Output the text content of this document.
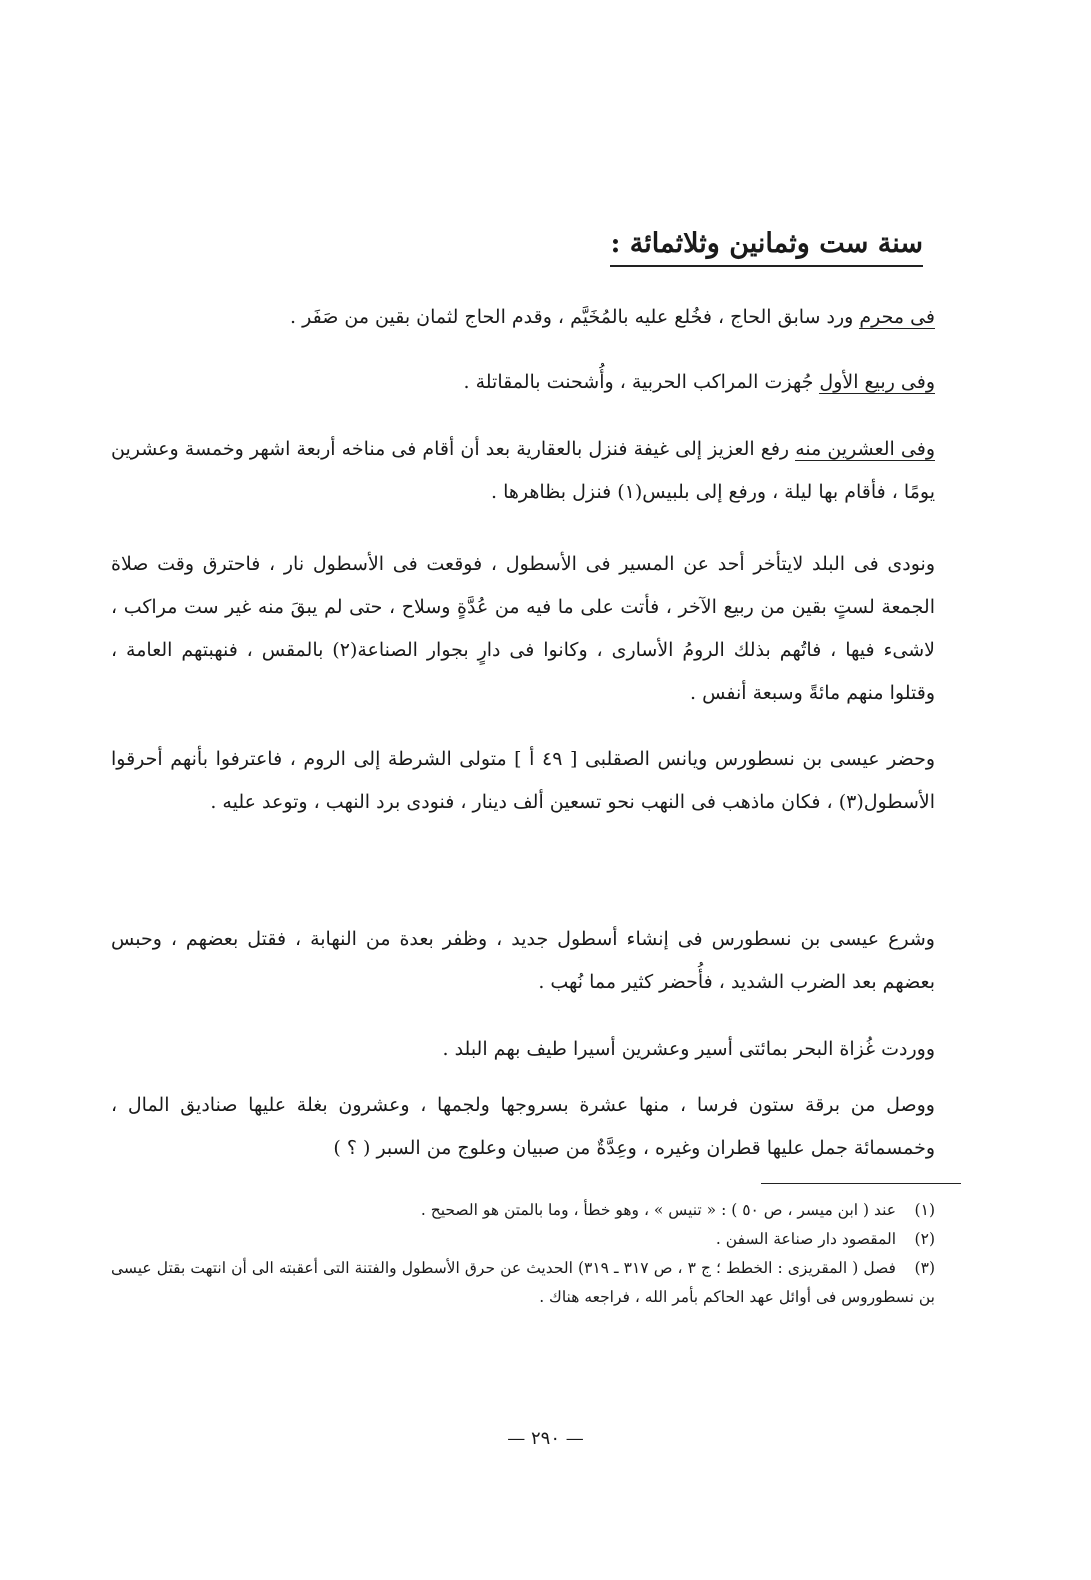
سنة ست وثمانين وثلاثمائة :

فى محرم ورد سابق الحاج ، فخُلع عليه بالمُخَيَّم ، وقدم الحاج لثمان بقين من صَفَر .

وفى ربيع الأول جُهزت المراكب الحربية ، وأُشحنت بالمقاتلة .

وفى العشرين منه رفع العزيز إلى غيفة فنزل بالعقارية بعد أن أقام فى مناخه أربعة اشهر وخمسة وعشرين يومًا ، فأقام بها ليلة ، ورفع إلى بلبيس(١) فنزل بظاهرها .

ونودى فى البلد لايتأخر أحد عن المسير فى الأسطول ، فوقعت فى الأسطول نار ، فاحترق وقت صلاة الجمعة لستٍ بقين من ربيع الآخر ، فأتت على ما فيه من عُدَّةٍ وسلاح ، حتى لم يبقَ منه غير ست مراكب ، لاشىء فيها ، فاتُهم بذلك الرومُ الأسارى ، وكانوا فى دارٍ بجوار الصناعة(٢) بالمقس ، فنهبتهم العامة ، وقتلوا منهم مائةً وسبعة أنفس .

وحضر عيسى بن نسطورس ويانس الصقلبى [ ٤٩ أ ] متولى الشرطة إلى الروم ، فاعترفوا بأنهم أحرقوا الأسطول(٣) ، فكان ماذهب فى النهب نحو تسعين ألف دينار ، فنودى برد النهب ، وتوعد عليه .

وشرع عيسى بن نسطورس فى إنشاء أسطول جديد ، وظفر بعدة من النهابة ، فقتل بعضهم ، وحبس بعضهم بعد الضرب الشديد ، فأُحضر كثير مما نُهب .

ووردت غُزاة البحر بمائتى أسير وعشرين أسيرا طيف بهم البلد .

ووصل من برقة ستون فرسا ، منها عشرة بسروجها ولجمها ، وعشرون بغلة عليها صناديق المال ، وخمسمائة جمل عليها قطران وغيره ، وعِدَّةٌ من صبيان وعلوج من السبر ( ؟ )

(١) عند ( ابن ميسر ، ص ٥٠ ) : « تنيس » ، وهو خطأ ، وما بالمتن هو الصحيح .

(٢) المقصود دار صناعة السفن .

(٣) فصل ( المقريزى : الخطط ؛ ج ٣ ، ص ٣١٧ ـ ٣١٩) الحديث عن حرق الأسطول والفتنة التى أعقبته الى أن انتهت بقتل عيسى بن نسطوروس فى أوائل عهد الحاكم بأمر الله ، فراجعه هناك .

— ٢٩٠ —
